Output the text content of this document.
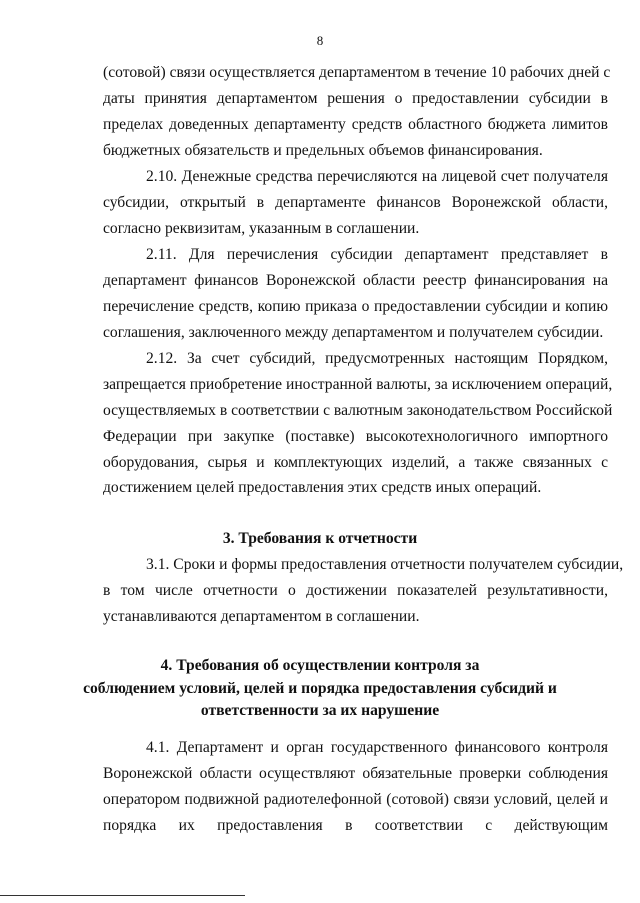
8
(сотовой) связи осуществляется департаментом в течение 10 рабочих дней с
даты принятия департаментом решения о предоставлении субсидии в
пределах доведенных департаменту средств областного бюджета лимитов
бюджетных обязательств и предельных объемов финансирования.
2.10. Денежные средства перечисляются на лицевой счет получателя
субсидии, открытый в департаменте финансов Воронежской области,
согласно реквизитам, указанным в соглашении.
2.11. Для перечисления субсидии департамент представляет в
департамент финансов Воронежской области реестр финансирования на
перечисление средств, копию приказа о предоставлении субсидии и копию
соглашения, заключенного между департаментом и получателем субсидии.
2.12. За счет субсидий, предусмотренных настоящим Порядком,
запрещается приобретение иностранной валюты, за исключением операций,
осуществляемых в соответствии с валютным законодательством Российской
Федерации при закупке (поставке) высокотехнологичного импортного
оборудования, сырья и комплектующих изделий, а также связанных с
достижением целей предоставления этих средств иных операций.
3. Требования к отчетности
3.1. Сроки и формы предоставления отчетности получателем субсидии,
в том числе отчетности о достижении показателей результативности,
устанавливаются департаментом в соглашении.
4. Требования об осуществлении контроля за
соблюдением условий, целей и порядка предоставления субсидий и
ответственности за их нарушение
4.1. Департамент и орган государственного финансового контроля
Воронежской области осуществляют обязательные проверки соблюдения
оператором подвижной радиотелефонной (сотовой) связи условий, целей и
порядка их предоставления в соответствии с действующим
